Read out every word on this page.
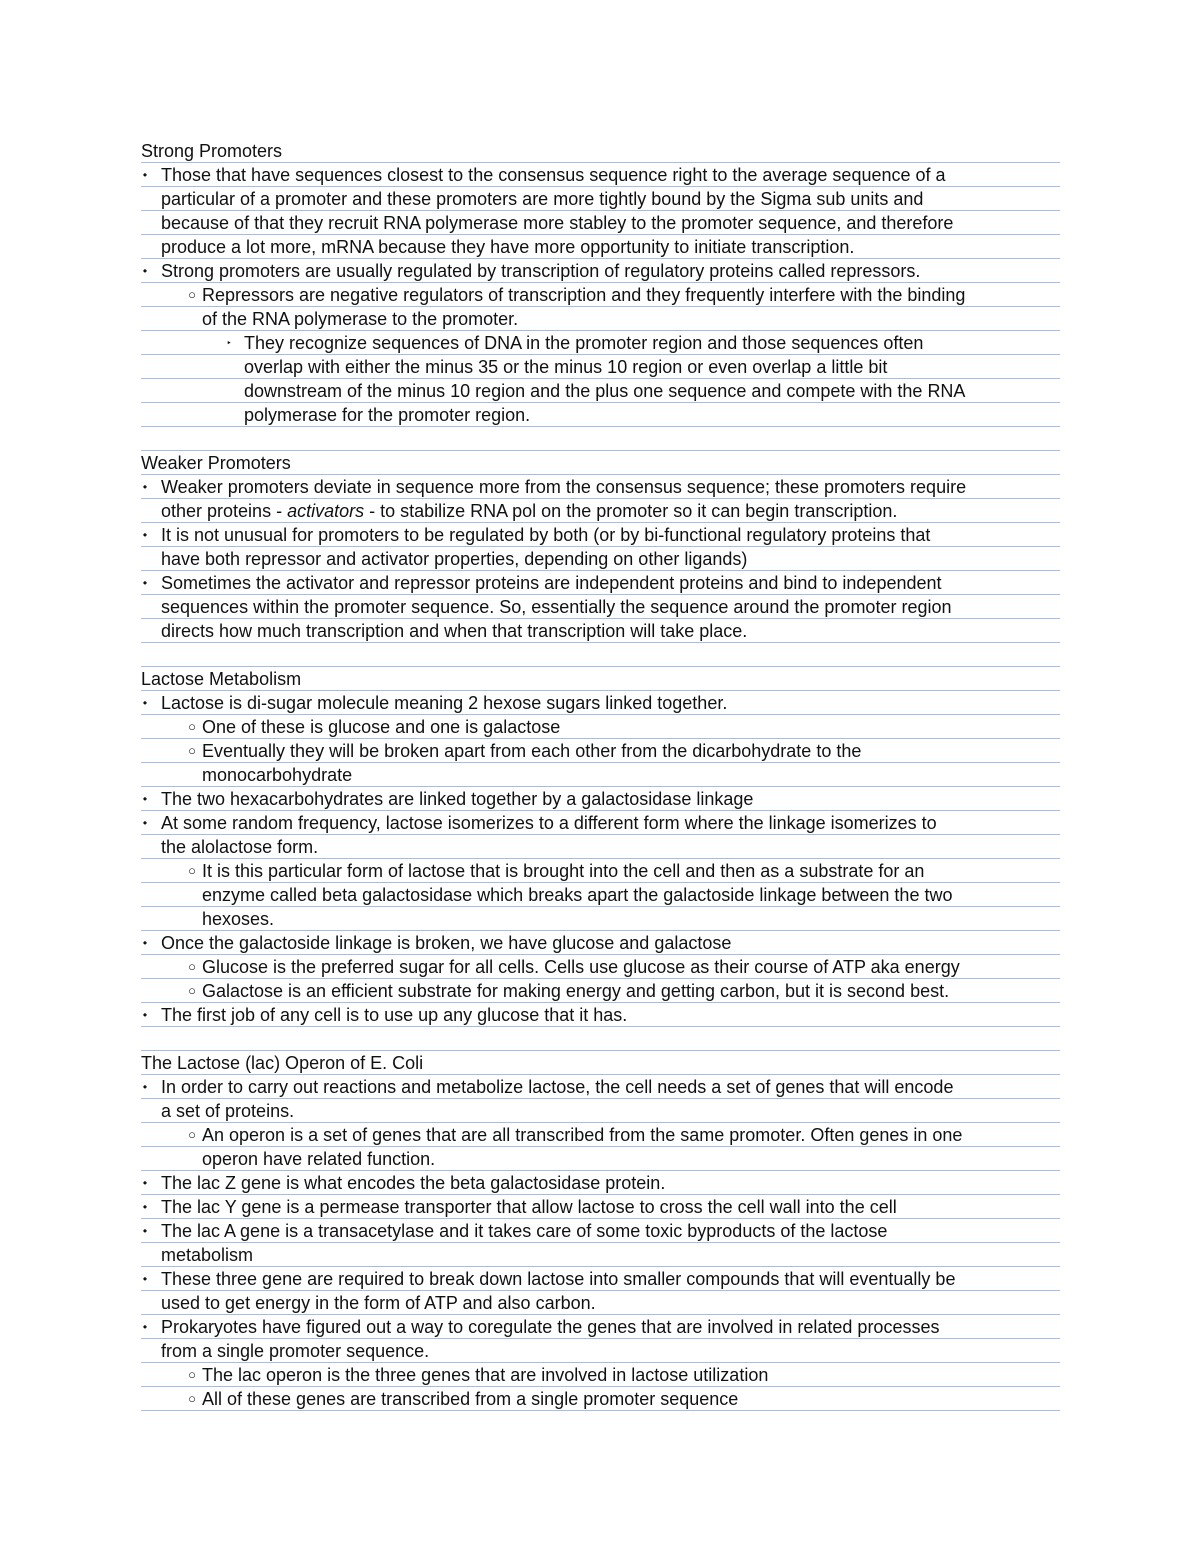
Strong Promoters
• Those that have sequences closest to the consensus sequence right to the average sequence of a
particular of a promoter and these promoters are more tightly bound by the Sigma sub units and
because of that they recruit RNA polymerase more stabley to the promoter sequence, and therefore
produce a lot more, mRNA because they have more opportunity to initiate transcription.
• Strong promoters are usually regulated by transcription of regulatory proteins called repressors.
○ Repressors are negative regulators of transcription and they frequently interfere with the binding
of the RNA polymerase to the promoter.
‣ They recognize sequences of DNA in the promoter region and those sequences often
overlap with either the minus 35 or the minus 10 region or even overlap a little bit
downstream of the minus 10 region and the plus one sequence and compete with the RNA
polymerase for the promoter region.
Weaker Promoters
• Weaker promoters deviate in sequence more from the consensus sequence; these promoters require
other proteins - activators - to stabilize RNA pol on the promoter so it can begin transcription.
• It is not unusual for promoters to be regulated by both (or by bi-functional regulatory proteins that
have both repressor and activator properties, depending on other ligands)
• Sometimes the activator and repressor proteins are independent proteins and bind to independent
sequences within the promoter sequence. So, essentially the sequence around the promoter region
directs how much transcription and when that transcription will take place.
Lactose Metabolism
• Lactose is di-sugar molecule meaning 2 hexose sugars linked together.
○ One of these is glucose and one is galactose
○ Eventually they will be broken apart from each other from the dicarbohydrate to the
monocarbohydrate
• The two hexacarbohydrates are linked together by a galactosidase linkage
• At some random frequency, lactose isomerizes to a different form where the linkage isomerizes to
the alolactose form.
○ It is this particular form of lactose that is brought into the cell and then as a substrate for an
enzyme called beta galactosidase which breaks apart the galactoside linkage between the two
hexoses.
• Once the galactoside linkage is broken, we have glucose and galactose
○ Glucose is the preferred sugar for all cells. Cells use glucose as their course of ATP aka energy
○ Galactose is an efficient substrate for making energy and getting carbon, but it is second best.
• The first job of any cell is to use up any glucose that it has.
The Lactose (lac) Operon of E. Coli
• In order to carry out reactions and metabolize lactose, the cell needs a set of genes that will encode
a set of proteins.
○ An operon is a set of genes that are all transcribed from the same promoter. Often genes in one
operon have related function.
• The lac Z gene is what encodes the beta galactosidase protein.
• The lac Y gene is a permease transporter that allow lactose to cross the cell wall into the cell
• The lac A gene is a transacetylase and it takes care of some toxic byproducts of the lactose
metabolism
• These three gene are required to break down lactose into smaller compounds that will eventually be
used to get energy in the form of ATP and also carbon.
• Prokaryotes have figured out a way to coregulate the genes that are involved in related processes
from a single promoter sequence.
○ The lac operon is the three genes that are involved in lactose utilization
○ All of these genes are transcribed from a single promoter sequence
